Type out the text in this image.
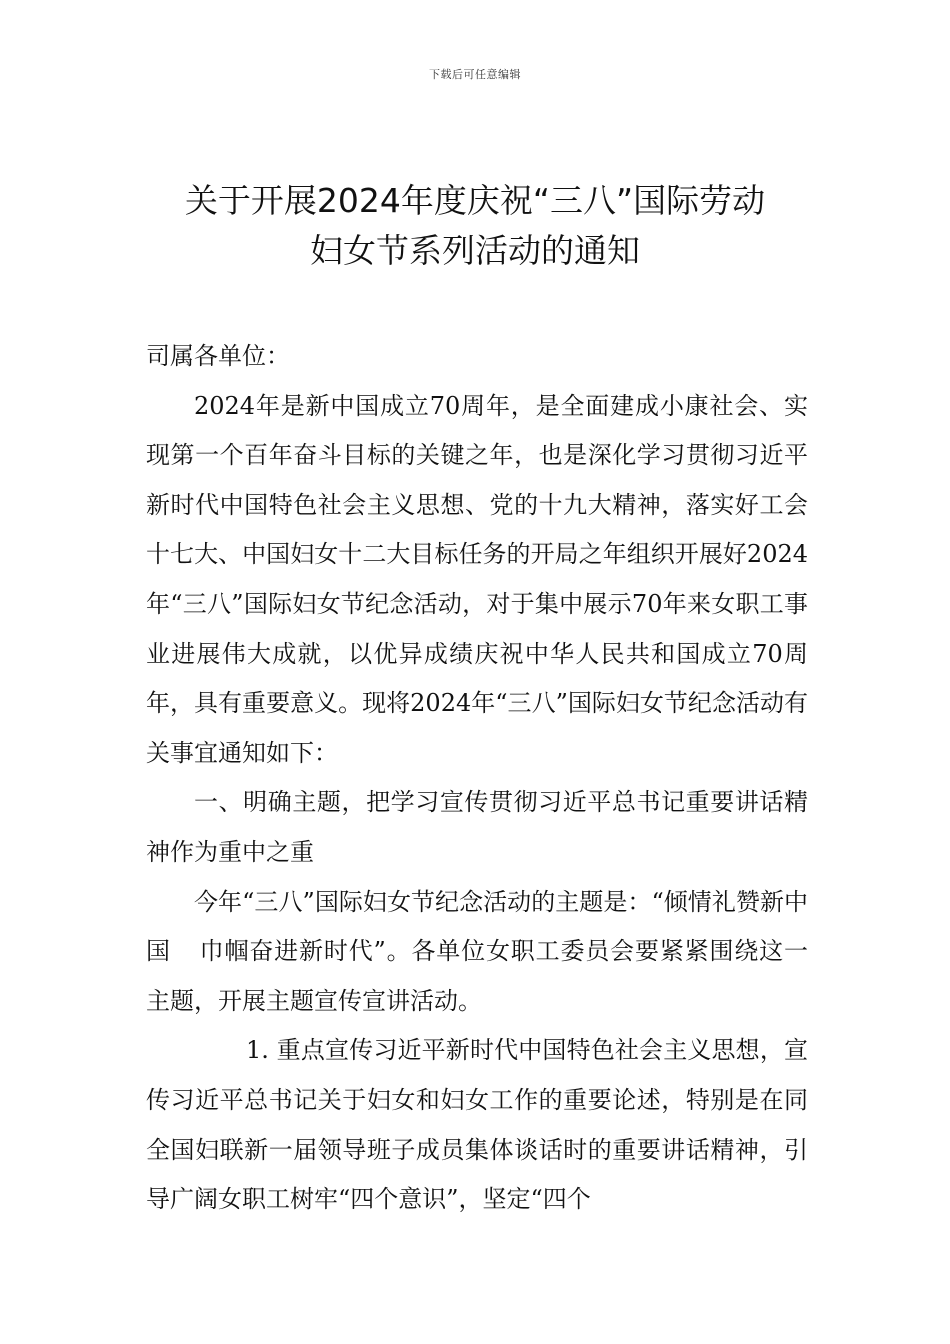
下载后可任意编辑
关于开展2024年度庆祝“三八”国际劳动
妇女节系列活动的通知

司属各单位：

2024年是新中国成立70周年，是全面建成小康社会、实现第一个百年奋斗目标的关键之年，也是深化学习贯彻习近平新时代中国特色社会主义思想、党的十九大精神，落实好工会十七大、中国妇女十二大目标任务的开局之年组织开展好2024年“三八”国际妇女节纪念活动，对于集中展示70年来女职工事业进展伟大成就，以优异成绩庆祝中华人民共和国成立70周年，具有重要意义。现将2024年“三八”国际妇女节纪念活动有关事宜通知如下：

一、明确主题，把学习宣传贯彻习近平总书记重要讲话精神作为重中之重

今年“三八”国际妇女节纪念活动的主题是：“倾情礼赞新中国 巾帼奋进新时代”。各单位女职工委员会要紧紧围绕这一主题，开展主题宣传宣讲活动。

1. 重点宣传习近平新时代中国特色社会主义思想，宣传习近平总书记关于妇女和妇女工作的重要论述，特别是在同全国妇联新一届领导班子成员集体谈话时的重要讲话精神，引导广阔女职工树牢“四个意识”，坚定“四个
